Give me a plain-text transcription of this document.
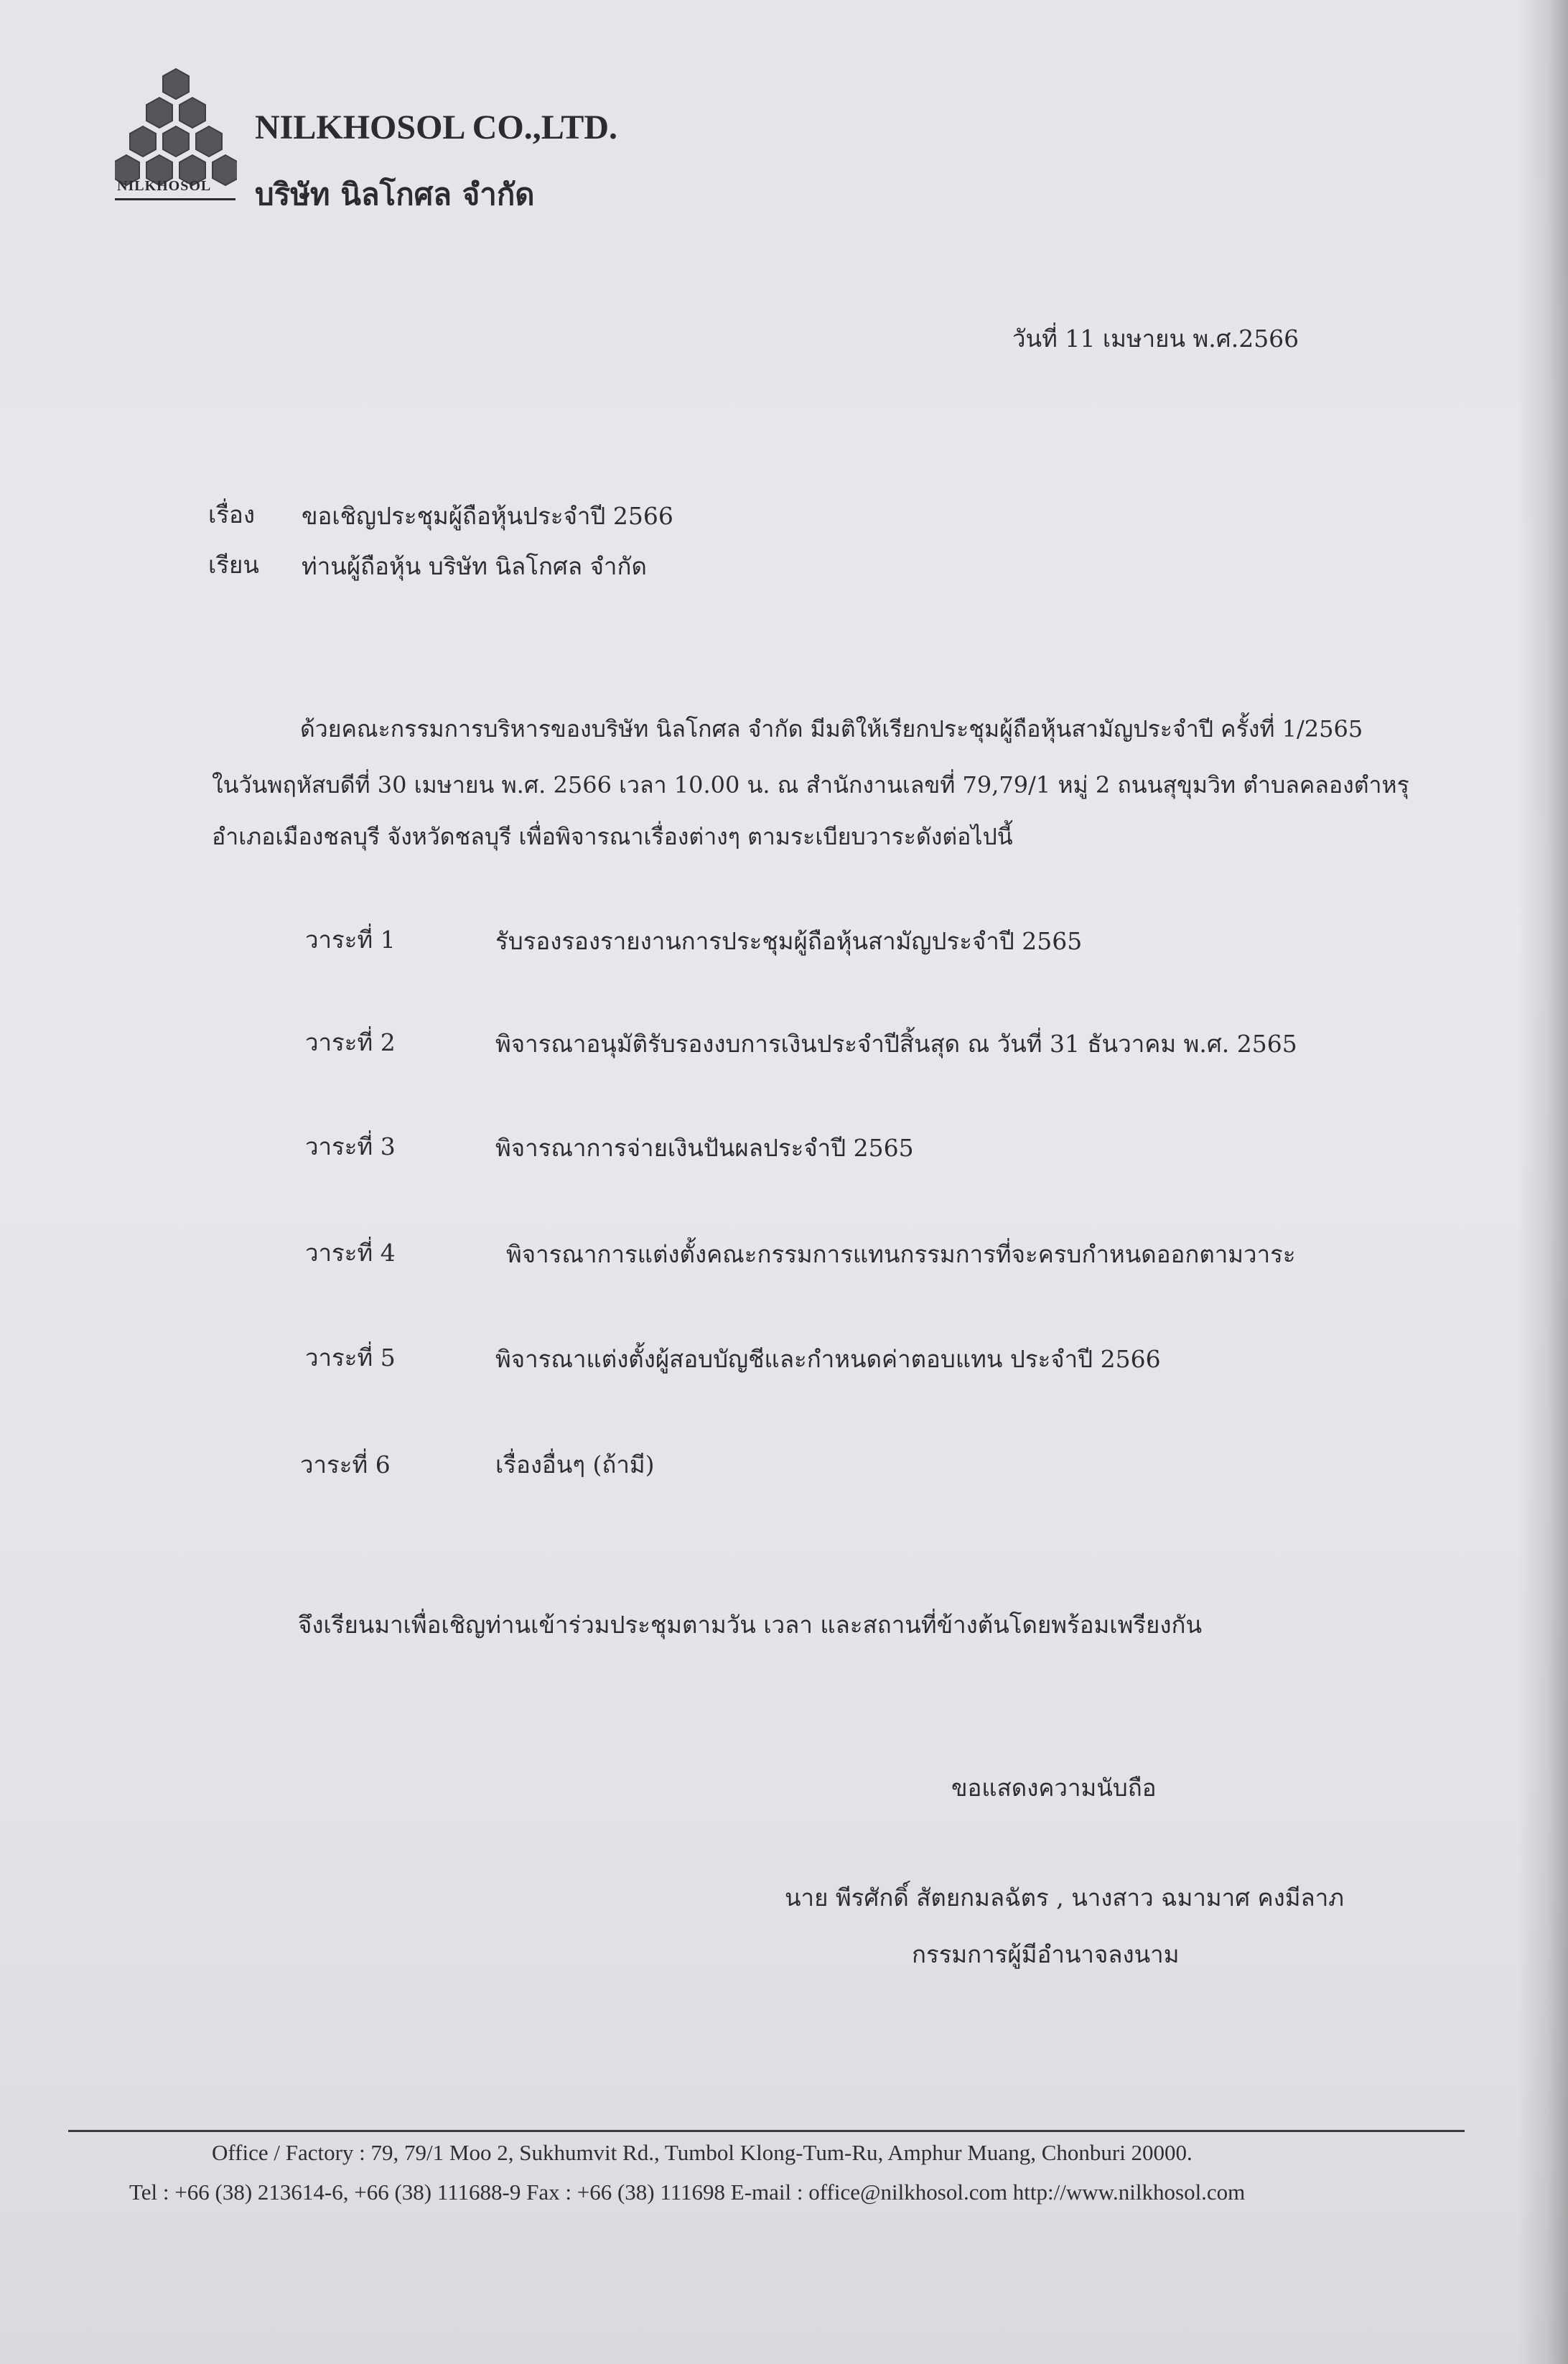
NILKHOSOL
NILKHOSOL CO.,LTD.
บริษัท นิลโกศล จำกัด
วันที่ 11 เมษายน พ.ศ.2566
เรื่อง ขอเชิญประชุมผู้ถือหุ้นประจำปี 2566
เรียน ท่านผู้ถือหุ้น บริษัท นิลโกศล จำกัด
ด้วยคณะกรรมการบริหารของบริษัท นิลโกศล จำกัด มีมติให้เรียกประชุมผู้ถือหุ้นสามัญประจำปี ครั้งที่ 1/2565
ในวันพฤหัสบดีที่ 30 เมษายน พ.ศ. 2566 เวลา 10.00 น. ณ สำนักงานเลขที่ 79,79/1 หมู่ 2 ถนนสุขุมวิท ตำบลคลองตำหรุ
อำเภอเมืองชลบุรี จังหวัดชลบุรี เพื่อพิจารณาเรื่องต่างๆ ตามระเบียบวาระดังต่อไปนี้
วาระที่ 1	รับรองรองรายงานการประชุมผู้ถือหุ้นสามัญประจำปี 2565
วาระที่ 2	พิจารณาอนุมัติรับรองงบการเงินประจำปีสิ้นสุด ณ วันที่ 31 ธันวาคม พ.ศ. 2565
วาระที่ 3	พิจารณาการจ่ายเงินปันผลประจำปี 2565
วาระที่ 4	พิจารณาการแต่งตั้งคณะกรรมการแทนกรรมการที่จะครบกำหนดออกตามวาระ
วาระที่ 5	พิจารณาแต่งตั้งผู้สอบบัญชีและกำหนดค่าตอบแทน ประจำปี 2566
วาระที่ 6	เรื่องอื่นๆ (ถ้ามี)
จึงเรียนมาเพื่อเชิญท่านเข้าร่วมประชุมตามวัน เวลา และสถานที่ข้างต้นโดยพร้อมเพรียงกัน
ขอแสดงความนับถือ
นาย พีรศักดิ์ สัตยกมลฉัตร , นางสาว ฉมามาศ คงมีลาภ
กรรมการผู้มีอำนาจลงนาม
Office / Factory : 79, 79/1 Moo 2, Sukhumvit Rd., Tumbol Klong-Tum-Ru, Amphur Muang, Chonburi 20000.
Tel : +66 (38) 213614-6, +66 (38) 111688-9 Fax : +66 (38) 111698 E-mail : office@nilkhosol.com http://www.nilkhosol.com
